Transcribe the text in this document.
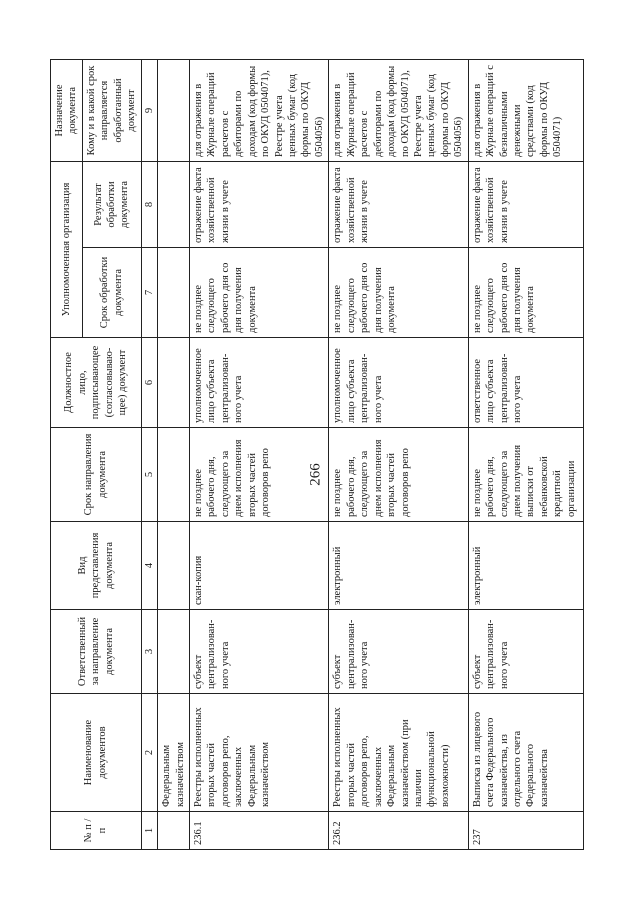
266
№ п / п	Наименование документов	Ответственный за направление документа	Вид представления документа	Срок направления документа	Должностное лицо, подписывающее (согласовываю-щее) документ	Уполномоченная организация		Назначение документа
						Срок обработки документа	Результат обработки документа	Кому и в какой срок направляется обработанный документ
1	2	3	4	5	6	7	8	9
	Федеральным казначейством							
236.1	Реестры исполненных вторых частей договоров репо, заключенных Федеральным казначейством	субъект централизован-ного учета	скан-копия	не позднее рабочего дня, следующего за днем исполнения вторых частей договоров репо	уполномоченное лицо субъекта централизован-ного учета	не позднее следующего рабочего дня со дня получения документа	отражение факта хозяйственной жизни в учете	для отражения в Журнале операций расчетов с дебиторами по доходам (код формы по ОКУД 0504071), Реестре учета ценных бумаг (код формы по ОКУД 0504056)
236.2	Реестры исполненных вторых частей договоров репо, заключенных Федеральным казначейством (при наличии функциональной возможности)	субъект централизован-ного учета	электронный	не позднее рабочего дня, следующего за днем исполнения вторых частей договоров репо	уполномоченное лицо субъекта централизован-ного учета	не позднее следующего рабочего дня со дня получения документа	отражение факта хозяйственной жизни в учете	для отражения в Журнале операций расчетов с дебиторами по доходам (код формы по ОКУД 0504071), Реестре учета ценных бумаг (код формы по ОКУД 0504056)
237	Выписка из лицевого счета Федерального казначейства, из отдельного счета Федерального казначейства	субъект централизован-ного учета	электронный	не позднее рабочего дня, следующего за днем получения выписки от небанковской кредитной организации	ответственное лицо субъекта централизован-ного учета	не позднее следующего рабочего дня со дня получения документа	отражение факта хозяйственной жизни в учете	для отражения в Журнале операций с безналичными денежными средствами (код формы по ОКУД 0504071)
